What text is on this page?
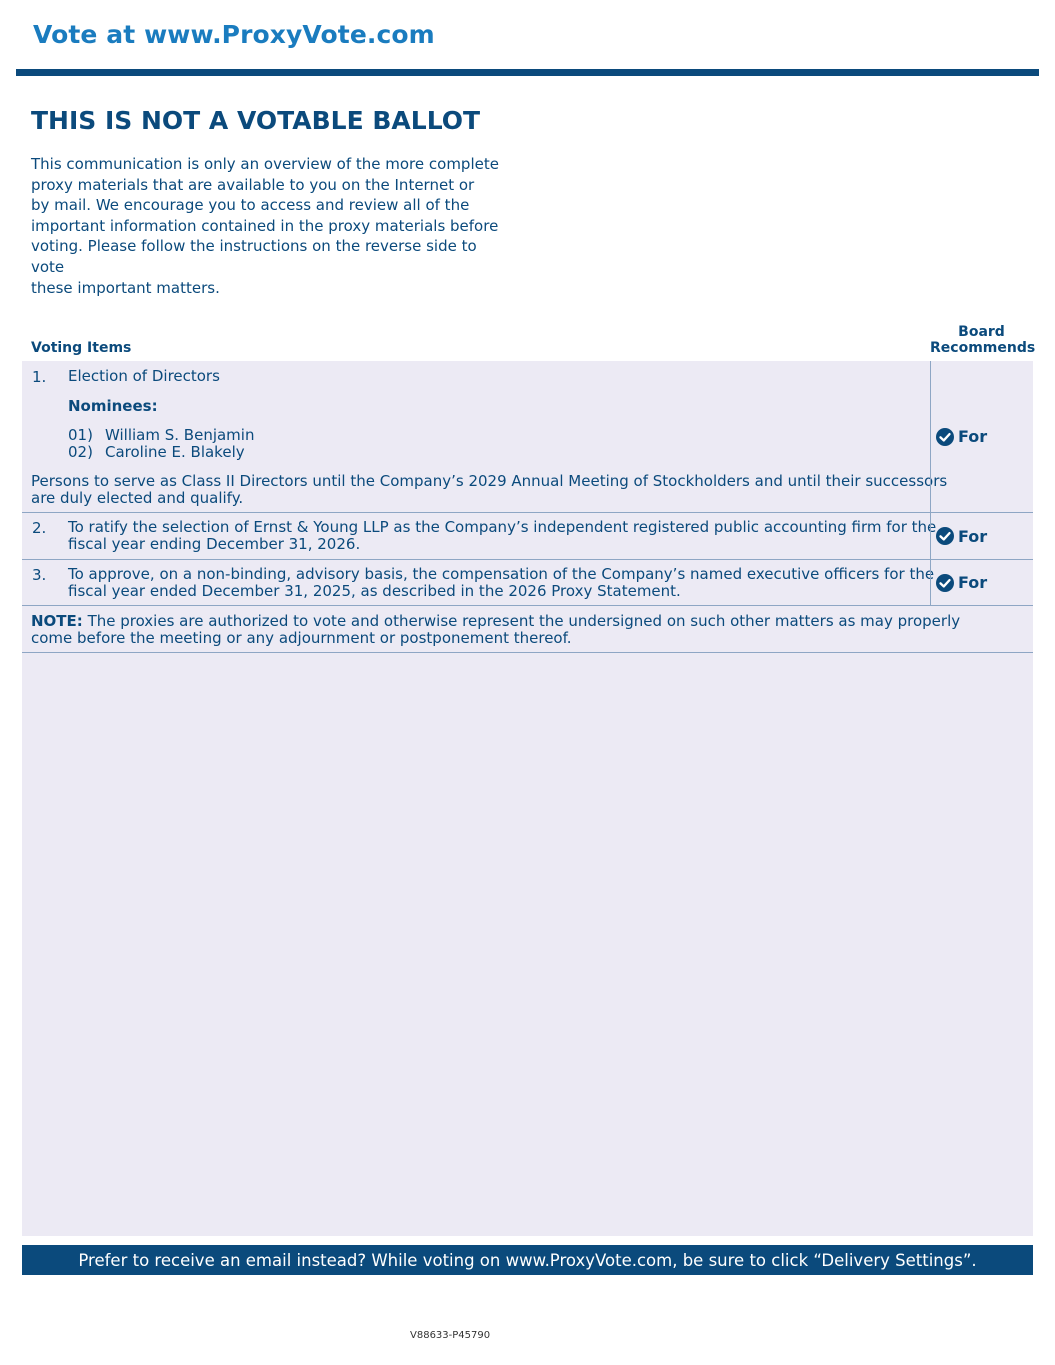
Vote at www.ProxyVote.com
THIS IS NOT A VOTABLE BALLOT

This communication is only an overview of the more complete
proxy materials that are available to you on the Internet or
by mail. We encourage you to access and review all of the
important information contained in the proxy materials before
voting. Please follow the instructions on the reverse side to vote
these important matters.

Voting Items
Board
Recommends
1. Election of Directors
Nominees:
01) William S. Benjamin
02) Caroline E. Blakely
Persons to serve as Class II Directors until the Company’s 2029 Annual Meeting of Stockholders and until their successors
are duly elected and qualify.
For
2. To ratify the selection of Ernst & Young LLP as the Company’s independent registered public accounting firm for the
fiscal year ending December 31, 2026.	For
3. To approve, on a non-binding, advisory basis, the compensation of the Company’s named executive officers for the
fiscal year ended December 31, 2025, as described in the 2026 Proxy Statement.	For
NOTE: The proxies are authorized to vote and otherwise represent the undersigned on such other matters as may properly
come before the meeting or any adjournment or postponement thereof.
Prefer to receive an email instead? While voting on www.ProxyVote.com, be sure to click “Delivery Settings”.
V88633-P45790
